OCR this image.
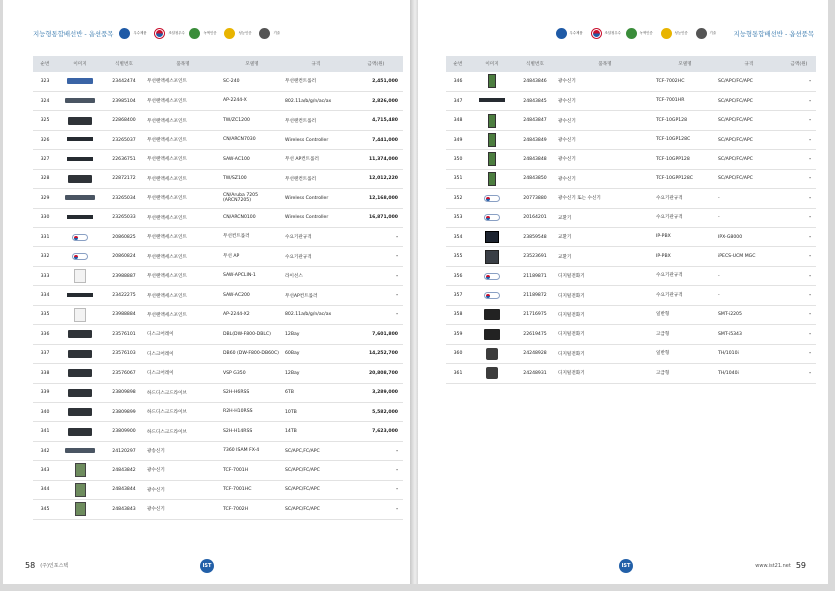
지능형통합배선반 - 옵션품목	우수제품	조달청우수	녹색인증	성능인증	기술
순번	이미지	식별번호	품목명	모델명	규격	금액(원)
323		23442474	무선랜액세스포인트	SC-240	무선랜컨트롤러	2,451,000
324		23985104	무선랜액세스포인트	AP-2244-X	802.11a/b/g/n/ac/ax	2,826,000
325		22868400	무선랜액세스포인트	TW/ZC1200	무선랜컨트롤러	4,715,480
326		23265037	무선랜액세스포인트	CN/ARCN7030	Wireless Controller	7,441,000
327		22636751	무선랜액세스포인트	SAW-AC100	무선 AP컨트롤러	11,374,000
328		22872172	무선랜액세스포인트	TW/SZ100	무선랜컨트롤러	12,012,220
329		23265034	무선랜액세스포인트	CN/Aruba 7205 (ARCN7205)	Wireless Controller	12,168,000
330		23265033	무선랜액세스포인트	CN/ARCN0100	Wireless Controller	16,871,000
331		20860825	무선랜액세스포인트	무선컨트롤러	수요기관규격	-
332		20860824	무선랜액세스포인트	무선 AP	수요기관규격	-
333		23988887	무선랜액세스포인트	SAW-APCLIN-1	라이선스	-
334		23422275	무선랜액세스포인트	SAW-AC200	무선AP컨트롤러	-
335		23988884	무선랜액세스포인트	AP-2244-X2	802.11a/b/g/n/ac/ax	-
336		23576101	디스크어레이	DBL(DW-F800-DBLC)	12Bay	7,601,800
337		23576103	디스크어레이	DB60 (DW-F800-DB60C)	60Bay	14,252,700
338		23576067	디스크어레이	VSP G350	12Bay	20,808,700
339		23809898	하드디스크드라이브	S2H-H6RSS	6TB	3,289,000
340		23809899	하드디스크드라이브	R2H-H10RSS	10TB	5,582,000
341		23809900	하드디스크드라이브	S2H-H14RSS	14TB	7,623,000
342		24120297	광송신기	7360 ISAM FX-4	SC/APC,FC/APC	-
343		24843842	광수신기	TCF-7001H	SC/APC/FC/APC	-
344		24843844	광수신기	TCF-7001HC	SC/APC/FC/APC	-
345		24843843	광수신기	TCF-7002H	SC/APC/FC/APC	-
58 (주)인포스텍	IST
지능형통합배선반 - 옵션품목
우수제품	조달청우수	녹색인증	성능인증	기술
순번	이미지	식별번호	품목명	모델명	규격	금액(원)
346		24843846	광수신기	TCF-7002HC	SC/APC/FC/APC	-
347		24843845	광수신기	TCF-7001HR	SC/APC/FC/APC	-
348		24843847	광수신기	TCF-10GP128	SC/APC/FC/APC	-
349		24843849	광수신기	TCF-10GP128C	SC/APC/FC/APC	-
350		24843848	광수신기	TCF-10GPP128	SC/APC/FC/APC	-
351		24843850	광수신기	TCF-10GPP128C	SC/APC/FC/APC	-
352		20773880	광수신기 또는 수신기	수요기관규격	-	-
353		20164201	교환기	수요기관규격	-	-
354		23859548	교환기	IP-PBX	IPX-G8000	-
355		23523691	교환기	IP-PBX	iPECS-UCM MGC	-
356		21189871	디지털전화기	수요기관규격	-	-
357		21189872	디지털전화기	수요기관규격	-	-
358		21716975	디지털전화기	일반형	SMT-i2205	-
359		22619475	디지털전화기	고급형	SMT-i5343	-
360		24248928	디지털전화기	일반형	TH/1010i	-
361		24248931	디지털전화기	고급형	TH/1040i	-
IST	59
www.ist21.net
